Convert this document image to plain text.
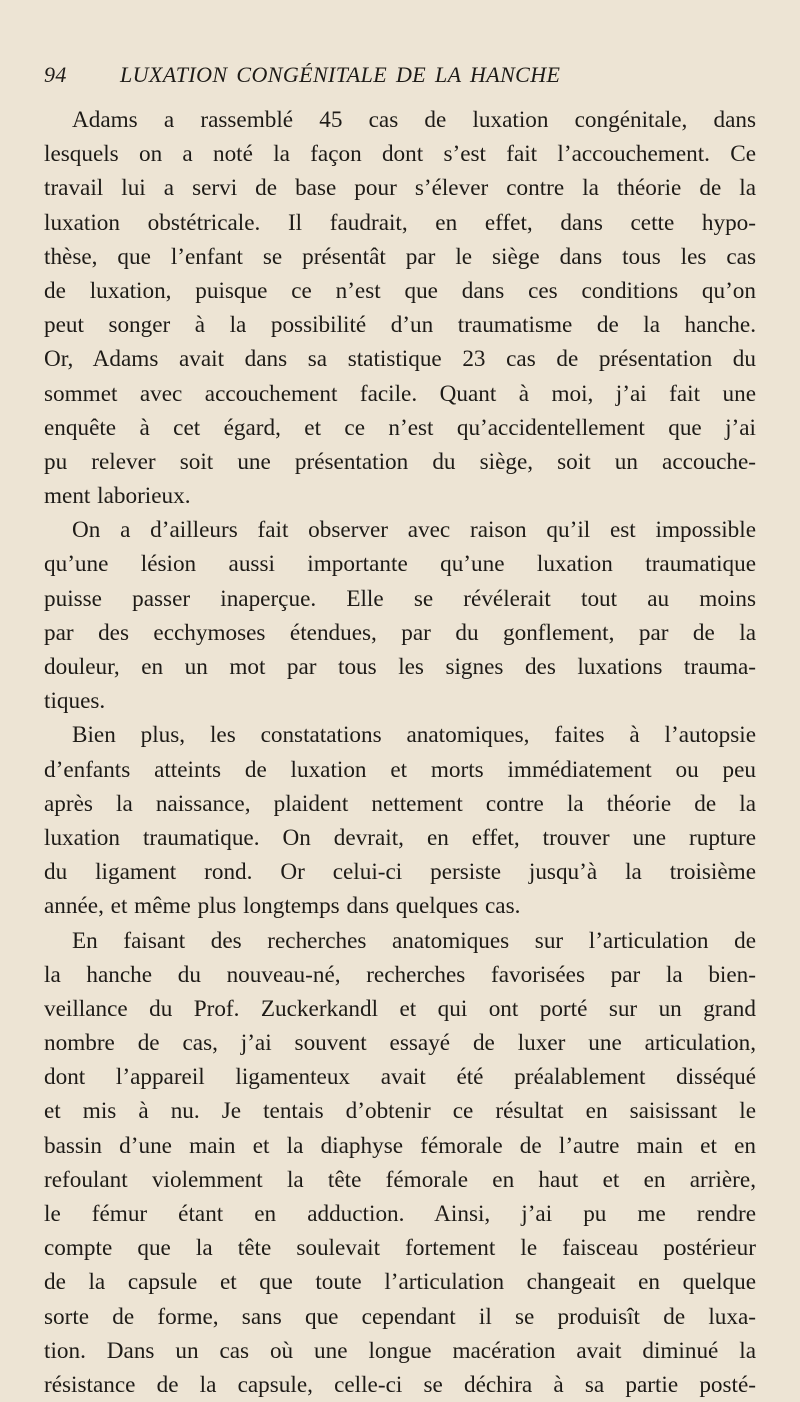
94 LUXATION CONGÉNITALE DE LA HANCHE
Adams a rassemblé 45 cas de luxation congénitale, dans
lesquels on a noté la façon dont s’est fait l’accouchement. Ce
travail lui a servi de base pour s’élever contre la théorie de la
luxation obstétricale. Il faudrait, en effet, dans cette hypo-
thèse, que l’enfant se présentât par le siège dans tous les cas
de luxation, puisque ce n’est que dans ces conditions qu’on
peut songer à la possibilité d’un traumatisme de la hanche.
Or, Adams avait dans sa statistique 23 cas de présentation du
sommet avec accouchement facile. Quant à moi, j’ai fait une
enquête à cet égard, et ce n’est qu’accidentellement que j’ai
pu relever soit une présentation du siège, soit un accouche-
ment laborieux.
On a d’ailleurs fait observer avec raison qu’il est impossible
qu’une lésion aussi importante qu’une luxation traumatique
puisse passer inaperçue. Elle se révélerait tout au moins
par des ecchymoses étendues, par du gonflement, par de la
douleur, en un mot par tous les signes des luxations trauma-
tiques.
Bien plus, les constatations anatomiques, faites à l’autopsie
d’enfants atteints de luxation et morts immédiatement ou peu
après la naissance, plaident nettement contre la théorie de la
luxation traumatique. On devrait, en effet, trouver une rupture
du ligament rond. Or celui-ci persiste jusqu’à la troisième
année, et même plus longtemps dans quelques cas.
En faisant des recherches anatomiques sur l’articulation de
la hanche du nouveau-né, recherches favorisées par la bien-
veillance du Prof. Zuckerkandl et qui ont porté sur un grand
nombre de cas, j’ai souvent essayé de luxer une articulation,
dont l’appareil ligamenteux avait été préalablement disséqué
et mis à nu. Je tentais d’obtenir ce résultat en saisissant le
bassin d’une main et la diaphyse fémorale de l’autre main et en
refoulant violemment la tête fémorale en haut et en arrière,
le fémur étant en adduction. Ainsi, j’ai pu me rendre
compte que la tête soulevait fortement le faisceau postérieur
de la capsule et que toute l’articulation changeait en quelque
sorte de forme, sans que cependant il se produisît de luxa-
tion. Dans un cas où une longue macération avait diminué la
résistance de la capsule, celle-ci se déchira à sa partie posté-
